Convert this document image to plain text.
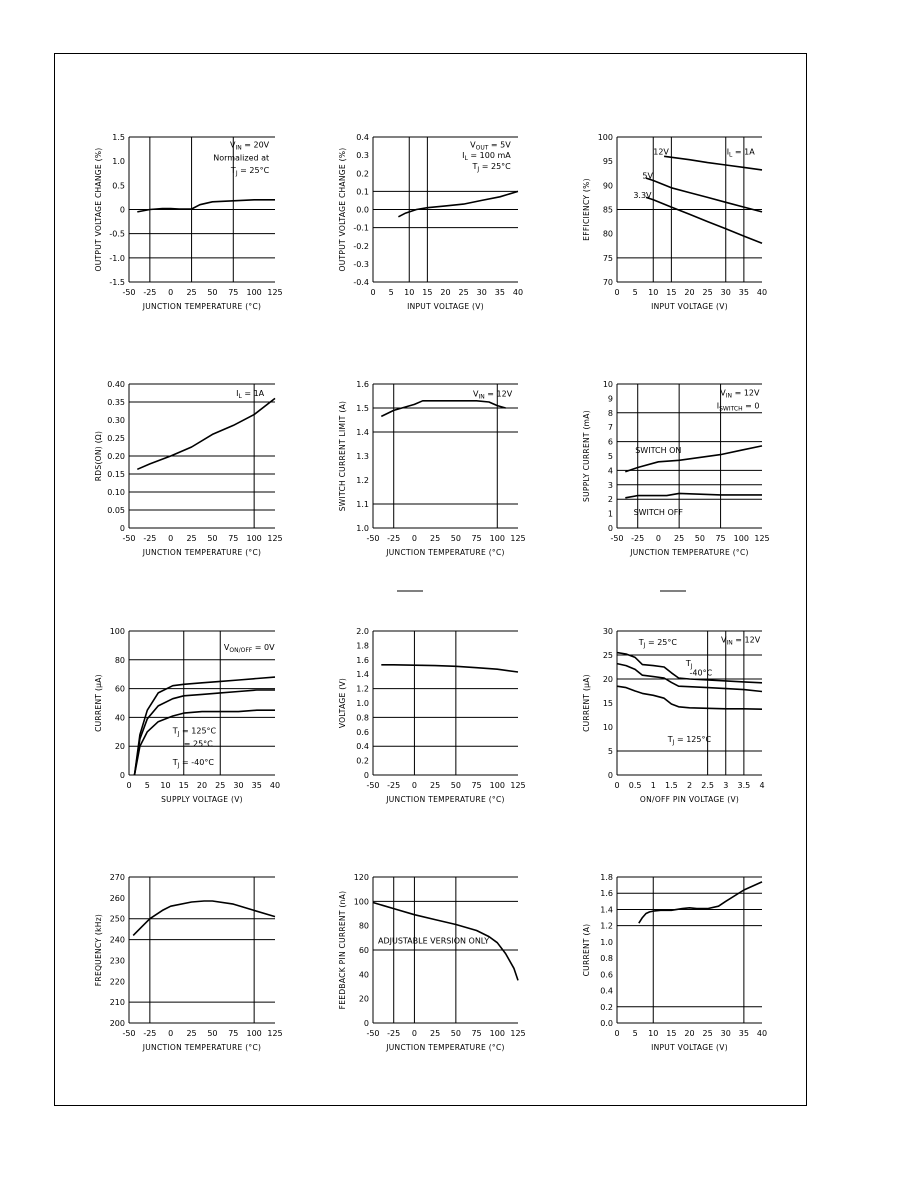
-50 -25 0 25 50 75 100 125
1.5
1.0
0.5
0
-0.5
-1.0
-1.5
JUNCTION TEMPERATURE (°C)
OUTPUT VOLTAGE CHANGE (%)
$V_{IN} = 20V$
Normalized at
$T_J = 25^\circ C$
0 5 10 15 20 25 30 35 40
0.4
0.3
0.2
0.1
0.0
-0.1
-0.2
-0.3
-0.4
INPUT VOLTAGE (V)
OUTPUT VOLTAGE CHANGE (%)
$V_{OUT} = 5V$
$I_L = 100$ mA
$T_J = 25^\circ C$
0 5 10 15 20 25 30 35 40
100
95
90
85
80
75
70
INPUT VOLTAGE (V)
EFFICIENCY (%)
$I_L = 1A$
12V
5V
3.3V
-50 -25 0 25 50 75 100 125
0.40
0.35
0.30
0.25
0.20
0.15
0.10
0.05
0
JUNCTION TEMPERATURE (°C)
RDS(ON) (Ω)
$I_L = 1A$
-50 -25 0 25 50 75 100 125
1.6
1.5
1.4
1.3
1.2
1.1
1.0
JUNCTION TEMPERATURE (°C)
SWITCH CURRENT LIMIT (A)
$V_{IN} = 12V$
-50 -25 0 25 50 75 100 125
10
9
8
7
6
5
4
3
2
1
0
JUNCTION TEMPERATURE (°C)
SUPPLY CURRENT (mA)
$V_{IN} = 12V$
$I_{SWITCH} = 0$
SWITCH ON
SWITCH OFF
0 5 10 15 20 25 30 35 40
100
80
60
40
20
0
SUPPLY VOLTAGE (V)
CURRENT (μA)
$V_{ON/OFF} = 0V$
$T_J = 125^\circ C$
= 25°C
$T_J = -40^\circ C$
-50 -25 0 25 50 75 100 125
2.0
1.8
1.6
1.4
1.2
1.0
0.8
0.6
0.4
0.2
0
JUNCTION TEMPERATURE (°C)
VOLTAGE (V)
0 0.5 1 1.5 2 2.5 3 3.5 4
30
25
20
15
10
5
0
ON/OFF PIN VOLTAGE (V)
CURRENT (μA)
$T_J = 25^\circ C$	$V_{IN} = 12V$
$T_J$
-40°C
$T_J = 125^\circ C$
-50 -25 0 25 50 75 100 125
270
260
250
240
230
220
210
200
JUNCTION TEMPERATURE (°C)
FREQUENCY (kHz)
-50 -25 0 25 50 75 100 125
120
100
80
60
40
20
0
JUNCTION TEMPERATURE (°C)
FEEDBACK PIN CURRENT (nA)	ADJUSTABLE VERSION ONLY
0 5 10 15 20 25 30 35 40
1.8
1.6
1.4
1.2
1.0
0.8
0.6
0.4
0.2
0.0
INPUT VOLTAGE (V)
CURRENT (A)
